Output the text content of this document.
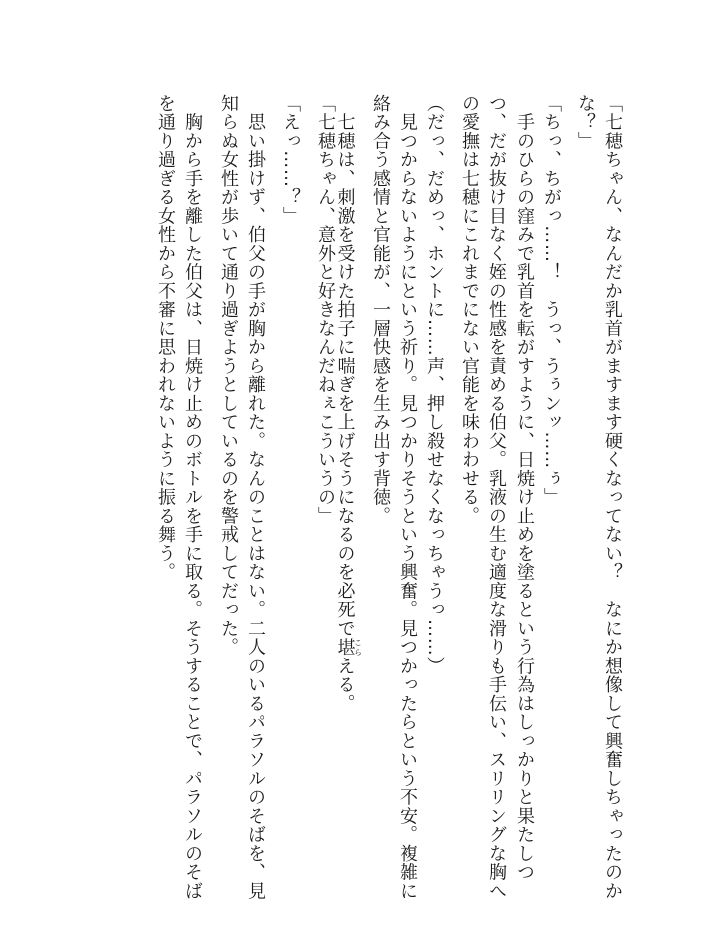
「七穂ちゃん、なんだか乳首がますます硬くなってない？　なにか想像して興奮しちゃったのか
な？」
「ちっ、ちがっ……！　うっ、うぅンッ……ぅ」
　手のひらの窪みで乳首を転がすように、日焼け止めを塗るという行為はしっかりと果たしつ
つ、だが抜け目なく姪の性感を責める伯父。乳液の生む適度な滑りも手伝い、スリリングな胸へ
の愛撫は七穂にこれまでにない官能を味わわせる。
（だっ、だめっ、ホントに……声、押し殺せなくなっちゃうっ……）
　見つからないようにという祈り。見つかりそうという興奮。見つかったらという不安。複雑に
絡み合う感情と官能が、一層快感を生み出す背徳。
　七穂は、刺激を受けた拍子に喘ぎを上げそうになるのを必死で堪こらえる。
「七穂ちゃん、意外と好きなんだねぇこういうの」
「えっ……？」
　思い掛けず、伯父の手が胸から離れた。なんのことはない。二人のいるパラソルのそばを、見
知らぬ女性が歩いて通り過ぎようとしているのを警戒してだった。
　胸から手を離した伯父は、日焼け止めのボトルを手に取る。そうすることで、パラソルのそば
を通り過ぎる女性から不審に思われないように振る舞う。
